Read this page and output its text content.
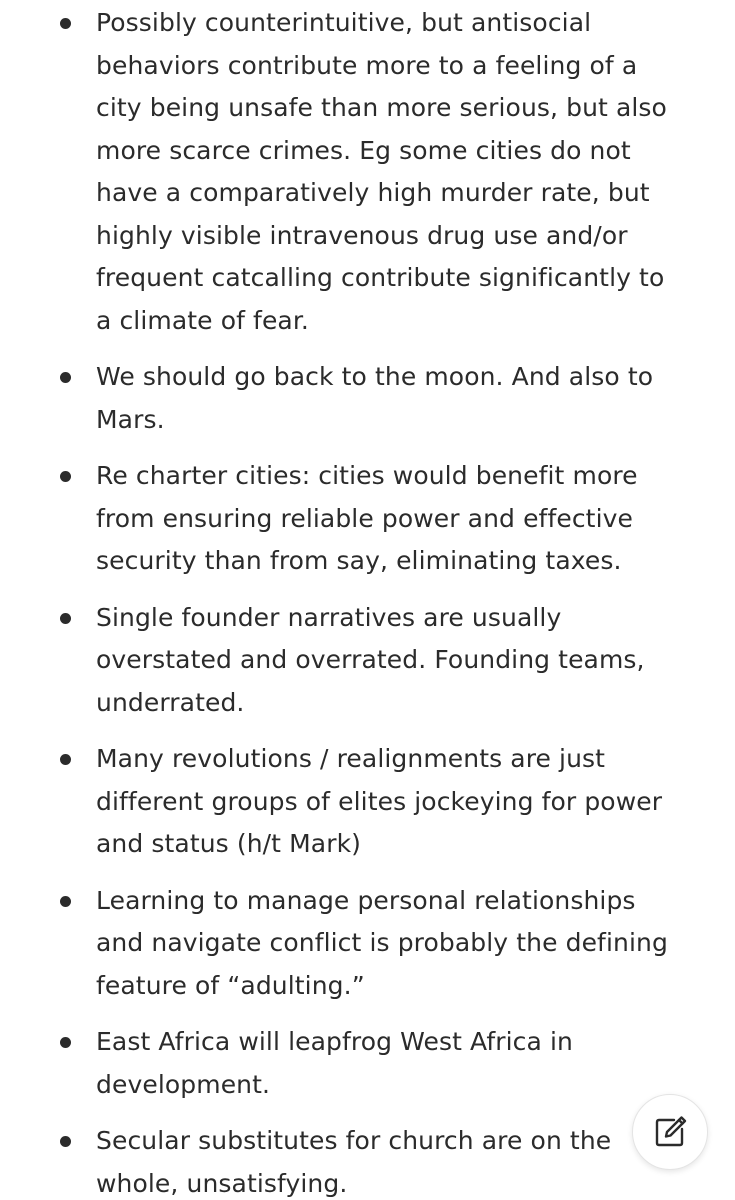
Possibly counterintuitive, but antisocial behaviors contribute more to a feeling of a city being unsafe than more serious, but also more scarce crimes. Eg some cities do not have a comparatively high murder rate, but highly visible intravenous drug use and/or frequent catcalling contribute significantly to a climate of fear.
We should go back to the moon. And also to Mars.
Re charter cities: cities would benefit more from ensuring reliable power and effective security than from say, eliminating taxes.
Single founder narratives are usually overstated and overrated. Founding teams, underrated.
Many revolutions / realignments are just different groups of elites jockeying for power and status (h/t Mark)
Learning to manage personal relationships and navigate conflict is probably the defining feature of “adulting.”
East Africa will leapfrog West Africa in development.
Secular substitutes for church are on the whole, unsatisfying.
